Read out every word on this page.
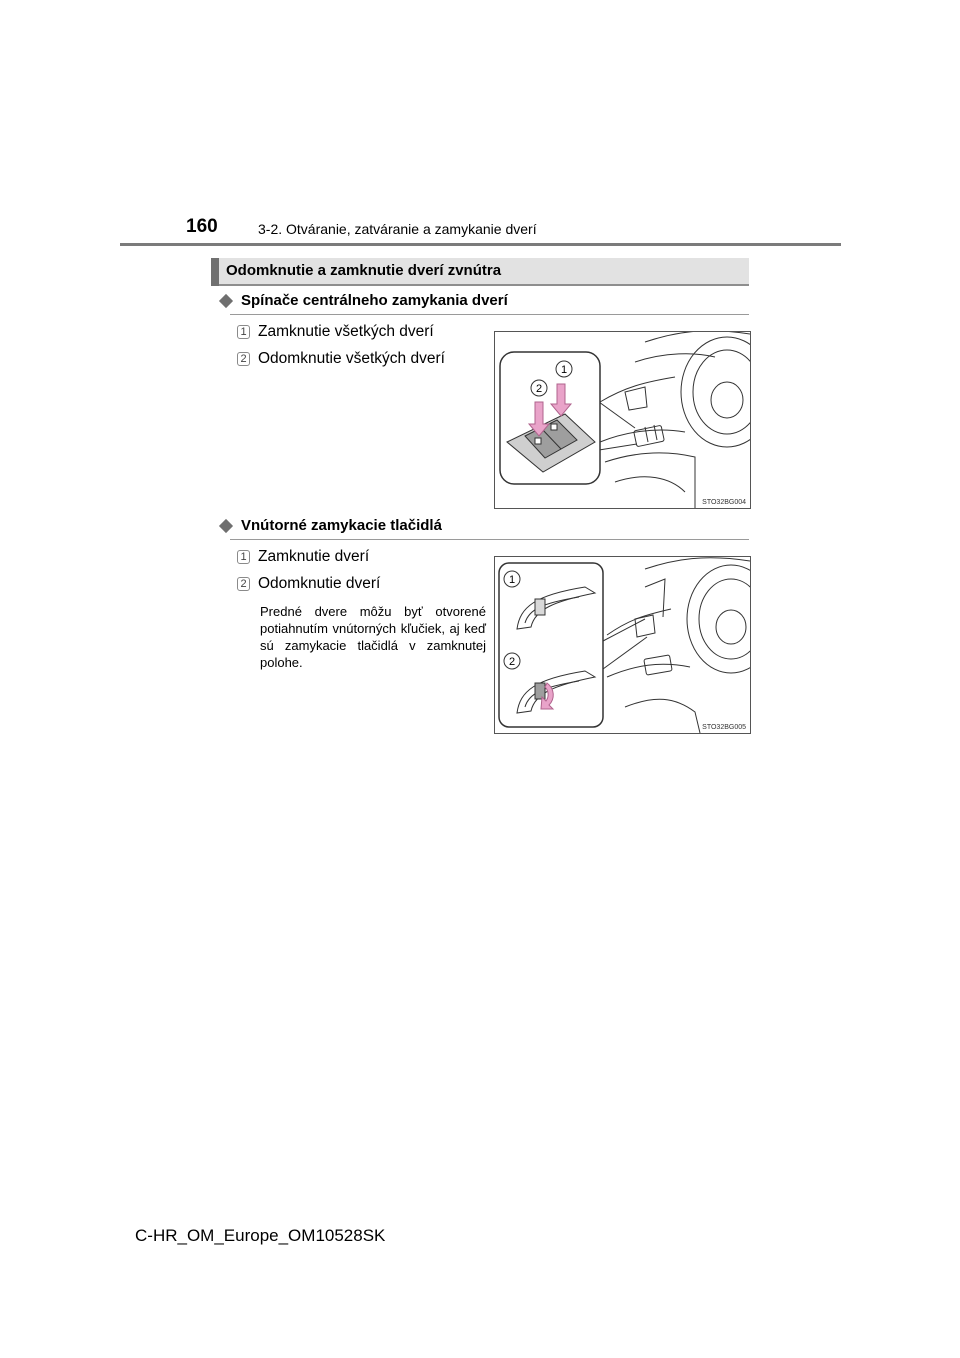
160	3-2. Otváranie, zatváranie a zamykanie dverí
Odomknutie a zamknutie dverí zvnútra
Spínače centrálneho zamykania dverí
1 Zamknutie všetkých dverí
2 Odomknutie všetkých dverí
1
2
STO32BG004
Vnútorné zamykacie tlačidlá
1 Zamknutie dverí
2 Odomknutie dverí
Predné dvere môžu byť otvorené potiahnutím vnútorných kľučiek, aj keď sú zamykacie tlačidlá v zamknutej polohe.
1
2
STO32BG005
C-HR_OM_Europe_OM10528SK
